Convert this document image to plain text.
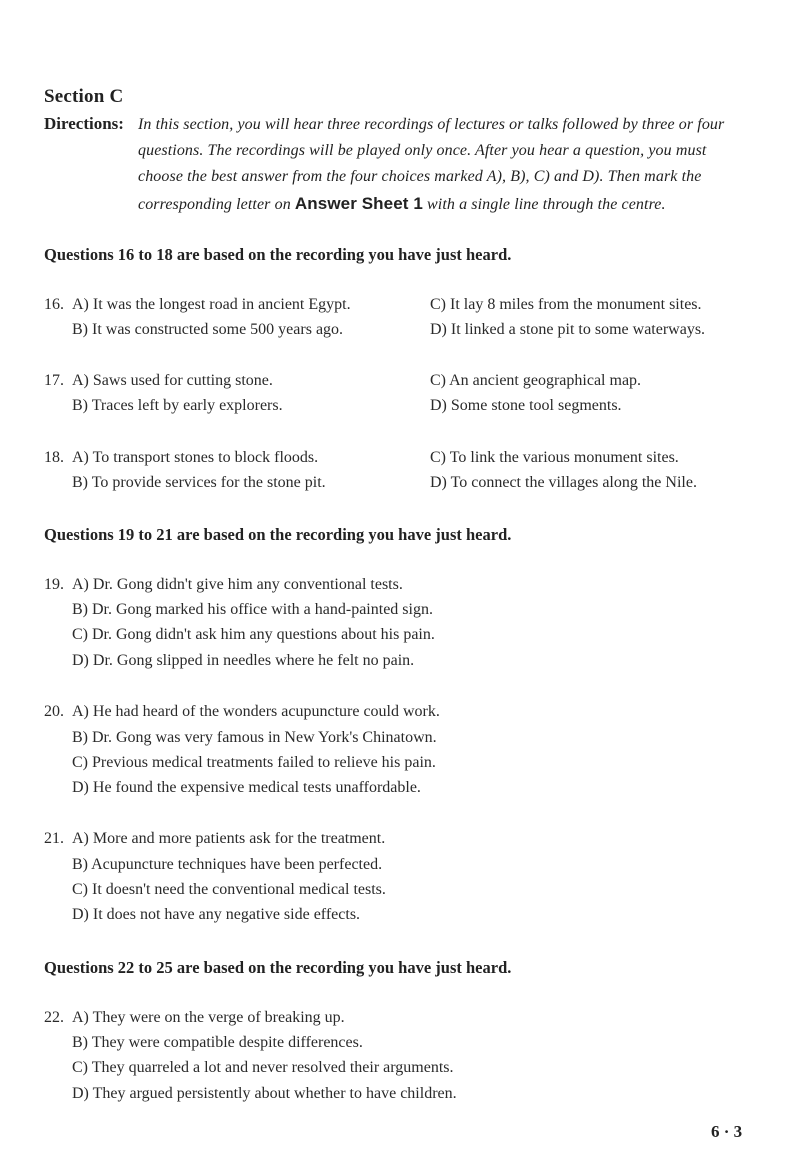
Section C
Directions: In this section, you will hear three recordings of lectures or talks followed by three or four
questions. The recordings will be played only once. After you hear a question, you must
choose the best answer from the four choices marked A), B), C) and D). Then mark the
corresponding letter on Answer Sheet 1 with a single line through the centre.
Questions 16 to 18 are based on the recording you have just heard.
16. A) It was the longest road in ancient Egypt.
B) It was constructed some 500 years ago.
C) It lay 8 miles from the monument sites.
D) It linked a stone pit to some waterways.
17. A) Saws used for cutting stone.
B) Traces left by early explorers.
C) An ancient geographical map.
D) Some stone tool segments.
18. A) To transport stones to block floods.
B) To provide services for the stone pit.
C) To link the various monument sites.
D) To connect the villages along the Nile.
Questions 19 to 21 are based on the recording you have just heard.
19. A) Dr. Gong didn't give him any conventional tests.
B) Dr. Gong marked his office with a hand-painted sign.
C) Dr. Gong didn't ask him any questions about his pain.
D) Dr. Gong slipped in needles where he felt no pain.
20. A) He had heard of the wonders acupuncture could work.
B) Dr. Gong was very famous in New York's Chinatown.
C) Previous medical treatments failed to relieve his pain.
D) He found the expensive medical tests unaffordable.
21. A) More and more patients ask for the treatment.
B) Acupuncture techniques have been perfected.
C) It doesn't need the conventional medical tests.
D) It does not have any negative side effects.
Questions 22 to 25 are based on the recording you have just heard.
22. A) They were on the verge of breaking up.
B) They were compatible despite differences.
C) They quarreled a lot and never resolved their arguments.
D) They argued persistently about whether to have children.
6 · 3
